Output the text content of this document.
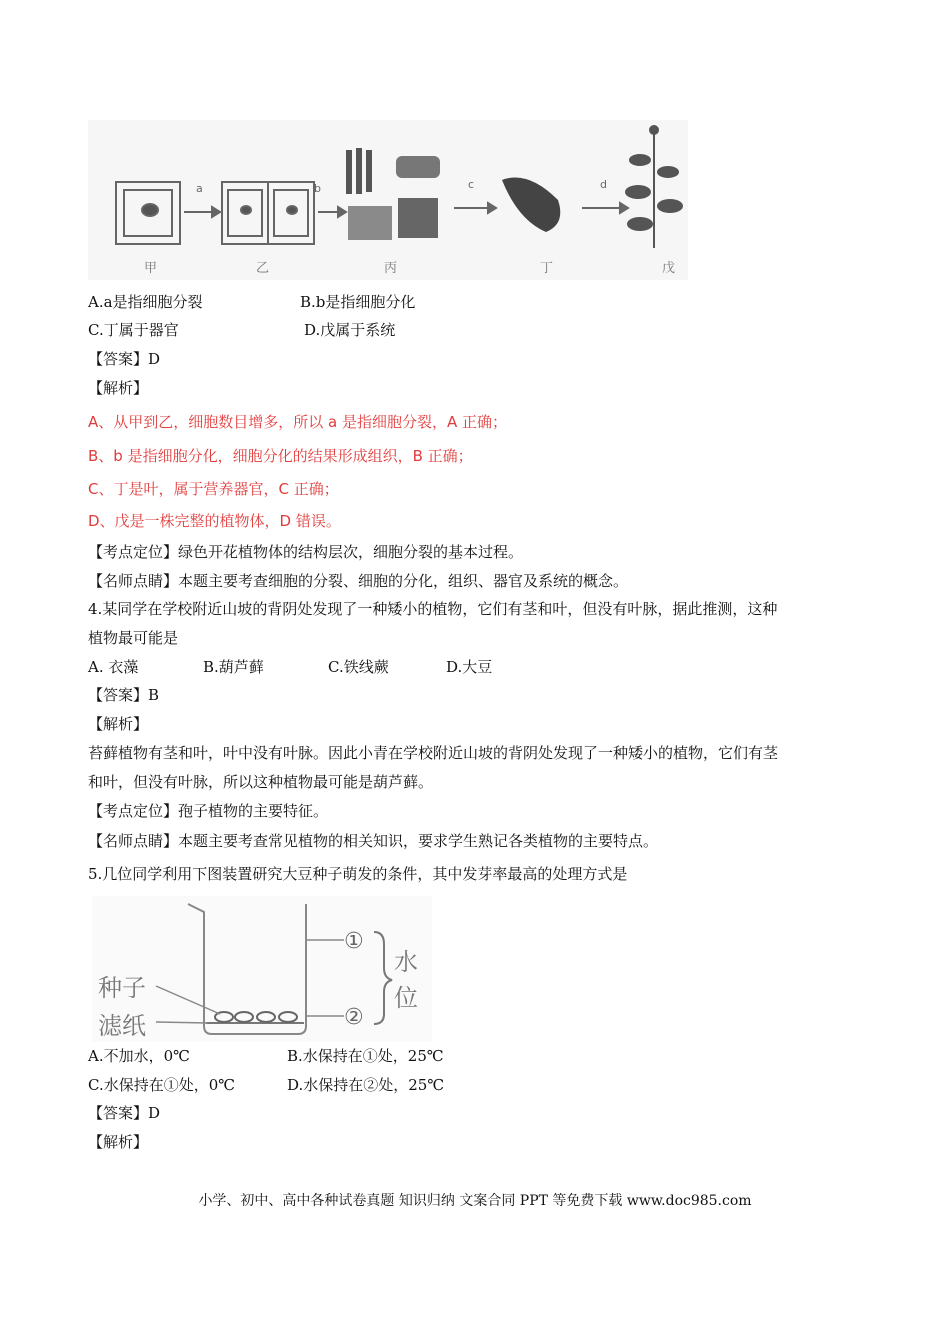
a	b	c	d
甲	乙	丙	丁	戊
A.a是指细胞分裂	B.b是指细胞分化
C.丁属于器官	D.戊属于系统
【答案】D
【解析】
A、从甲到乙，细胞数目增多，所以 a 是指细胞分裂，A 正确；
B、b 是指细胞分化，细胞分化的结果形成组织，B 正确；
C、丁是叶，属于营养器官，C 正确；
D、戊是一株完整的植物体，D 错误。
【考点定位】绿色开花植物体的结构层次，细胞分裂的基本过程。
【名师点睛】本题主要考查细胞的分裂、细胞的分化，组织、器官及系统的概念。
4.某同学在学校附近山坡的背阴处发现了一种矮小的植物，它们有茎和叶，但没有叶脉，据此推测，这种
植物最可能是
A. 衣藻	B.葫芦藓	C.铁线蕨	D.大豆
【答案】B
【解析】
苔藓植物有茎和叶，叶中没有叶脉。因此小青在学校附近山坡的背阴处发现了一种矮小的植物，它们有茎
和叶，但没有叶脉，所以这种植物最可能是葫芦藓。
【考点定位】孢子植物的主要特征。
【名师点睛】本题主要考查常见植物的相关知识，要求学生熟记各类植物的主要特点。
5.几位同学利用下图装置研究大豆种子萌发的条件，其中发芽率最高的处理方式是
①
②
水
位
种子
滤纸
A.不加水，0℃	B.水保持在①处，25℃
C.水保持在①处，0℃	D.水保持在②处，25℃
【答案】D
【解析】
小学、初中、高中各种试卷真题 知识归纳 文案合同 PPT 等免费下载 www.doc985.com
